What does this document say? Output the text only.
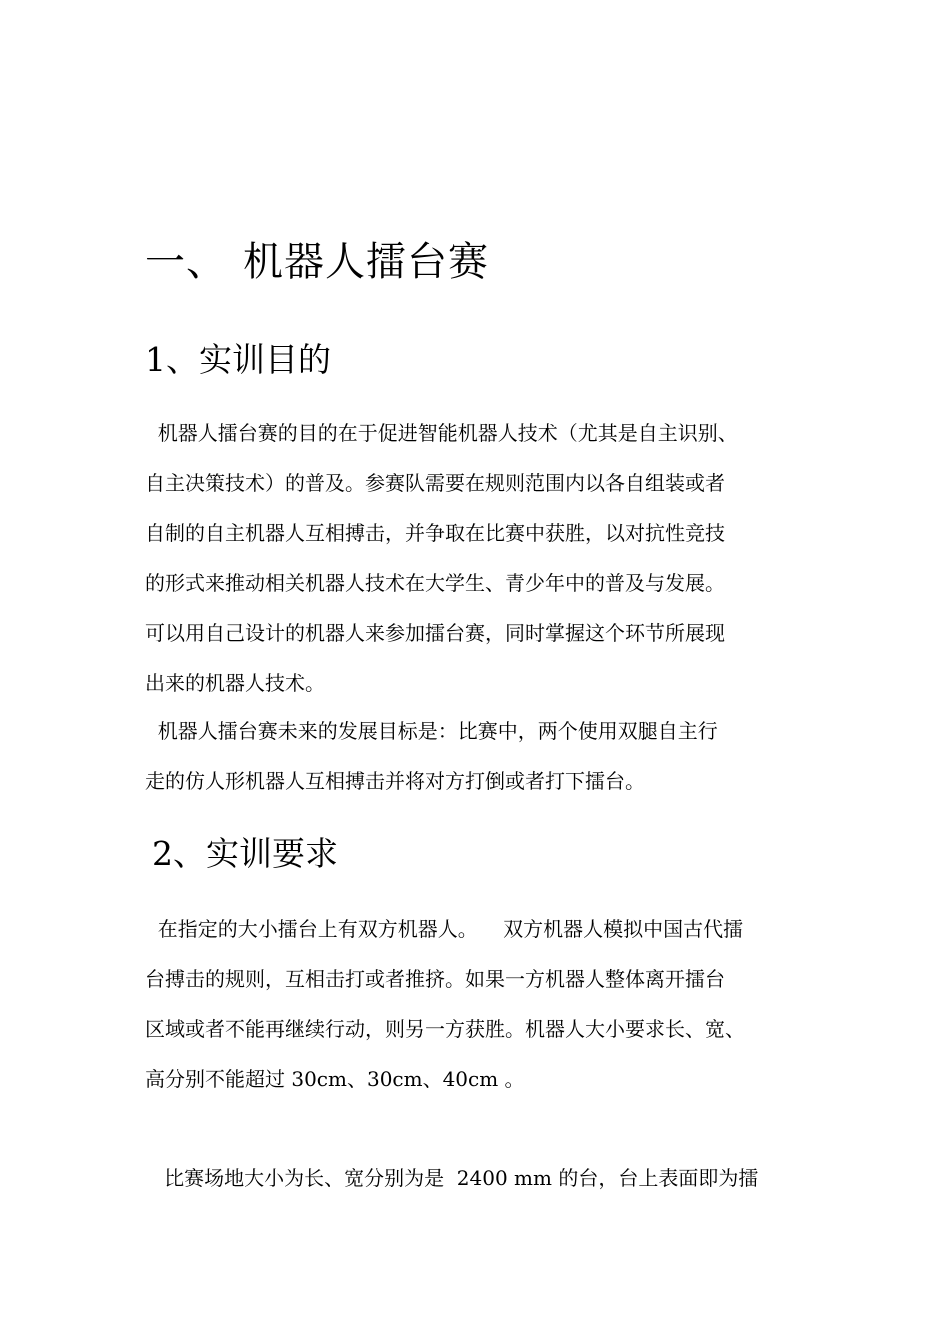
一、 机器人擂台赛
1、实训目的
机器人擂台赛的目的在于促进智能机器人技术（尤其是自主识别、
自主决策技术）的普及。参赛队需要在规则范围内以各自组装或者
自制的自主机器人互相搏击，并争取在比赛中获胜，以对抗性竞技
的形式来推动相关机器人技术在大学生、青少年中的普及与发展。
可以用自己设计的机器人来参加擂台赛，同时掌握这个环节所展现
出来的机器人技术。
机器人擂台赛未来的发展目标是：比赛中，两个使用双腿自主行
走的仿人形机器人互相搏击并将对方打倒或者打下擂台。
2、实训要求
在指定的大小擂台上有双方机器人。    双方机器人模拟中国古代擂
台搏击的规则，互相击打或者推挤。如果一方机器人整体离开擂台
区域或者不能再继续行动，则另一方获胜。机器人大小要求长、宽、
高分别不能超过 30cm、30cm、40cm 。
比赛场地大小为长、宽分别为是  2400 mm 的台，台上表面即为擂
